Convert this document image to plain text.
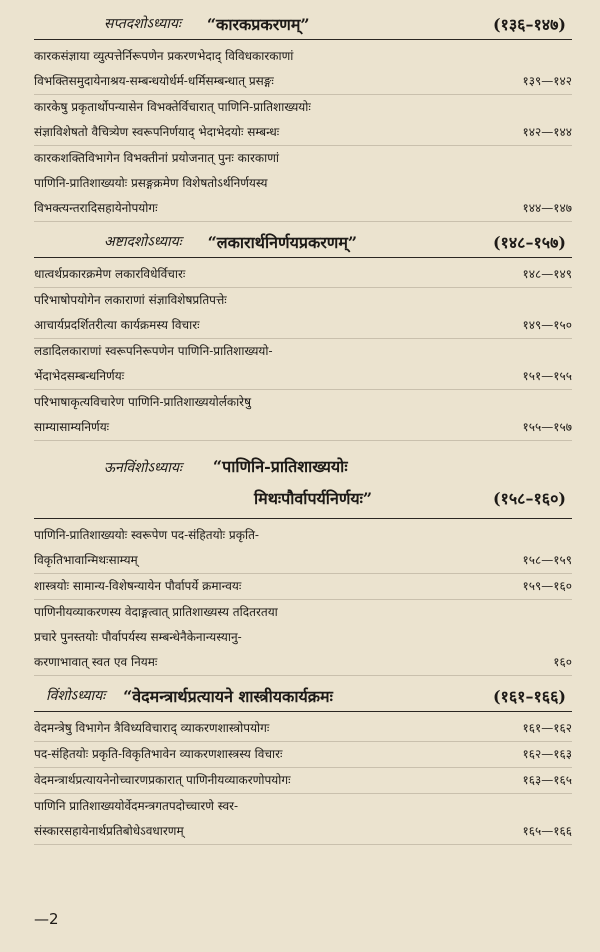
सप्तदशोऽध्यायः “कारकप्रकरणम्”	(१३६–१४७)
कारकसंज्ञाया व्युत्पत्तेर्निरूपणेन प्रकरणभेदाद् विविधकारकाणां
विभक्तिसमुदायेनाश्रय-सम्बन्धयोर्धर्म-धर्मिसम्बन्धात् प्रसङ्गः	१३९—१४२
कारकेषु प्रकृतार्थोपन्यासेन विभक्तेर्विचारात् पाणिनि-प्रातिशाख्ययोः
संज्ञाविशेषतो वैचित्र्येण स्वरूपनिर्णयाद् भेदाभेदयोः सम्बन्धः	१४२—१४४
कारकशक्तिविभागेन विभक्तीनां प्रयोजनात् पुनः कारकाणां
पाणिनि-प्रातिशाख्ययोः प्रसङ्गक्रमेण विशेषतोऽर्थनिर्णयस्य
विभक्त्यन्तरादिसहायेनोपयोगः	१४४—१४७
अष्टादशोऽध्यायः “लकारार्थनिर्णयप्रकरणम्”	(१४८–१५७)
धात्वर्थप्रकारक्रमेण लकारविधेर्विचारः	१४८—१४९
परिभाषोपयोगेन लकाराणां संज्ञाविशेषप्रतिपत्तेः
आचार्यप्रदर्शितरीत्या कार्यक्रमस्य विचारः	१४९—१५०
लडादिलकाराणां स्वरूपनिरूपणेन पाणिनि-प्रातिशाख्ययो-
र्भेदाभेदसम्बन्धनिर्णयः	१५१—१५५
परिभाषाकृत्यविचारेण पाणिनि-प्रातिशाख्ययोर्लकारेषु
साम्यासाम्यनिर्णयः	१५५—१५७
ऊनविंशोऽध्यायः “पाणिनि-प्रातिशाख्ययोः
मिथःपौर्वापर्यनिर्णयः”	(१५८–१६०)
पाणिनि-प्रातिशाख्ययोः स्वरूपेण पद-संहितयोः प्रकृति-
विकृतिभावान्मिथःसाम्यम्	१५८—१५९
शास्त्रयोः सामान्य-विशेषन्यायेन पौर्वापर्ये क्रमान्वयः	१५९—१६०
पाणिनीयव्याकरणस्य वेदाङ्गत्वात् प्रातिशाख्यस्य तदितरतया
प्रचारे पुनस्तयोः पौर्वापर्यस्य सम्बन्धेनैकेनान्यस्यानु-
करणाभावात् स्वत एव नियमः	१६०
विंशोऽध्यायः “वेदमन्त्रार्थप्रत्यायने शास्त्रीयकार्यक्रमः	(१६१–१६६)
वेदमन्त्रेषु विभागेन त्रैविध्यविचाराद् व्याकरणशास्त्रोपयोगः	१६१—१६२
पद-संहितयोः प्रकृति-विकृतिभावेन व्याकरणशास्त्रस्य विचारः	१६२—१६३
वेदमन्त्रार्थप्रत्यायनेनोच्चारणप्रकारात् पाणिनीयव्याकरणोपयोगः	१६३—१६५
पाणिनि प्रातिशाख्ययोर्वेदमन्त्रगतपदोच्चारणे स्वर-
संस्कारसहायेनार्थप्रतिबोधेऽवधारणम्	१६५—१६६
—2
